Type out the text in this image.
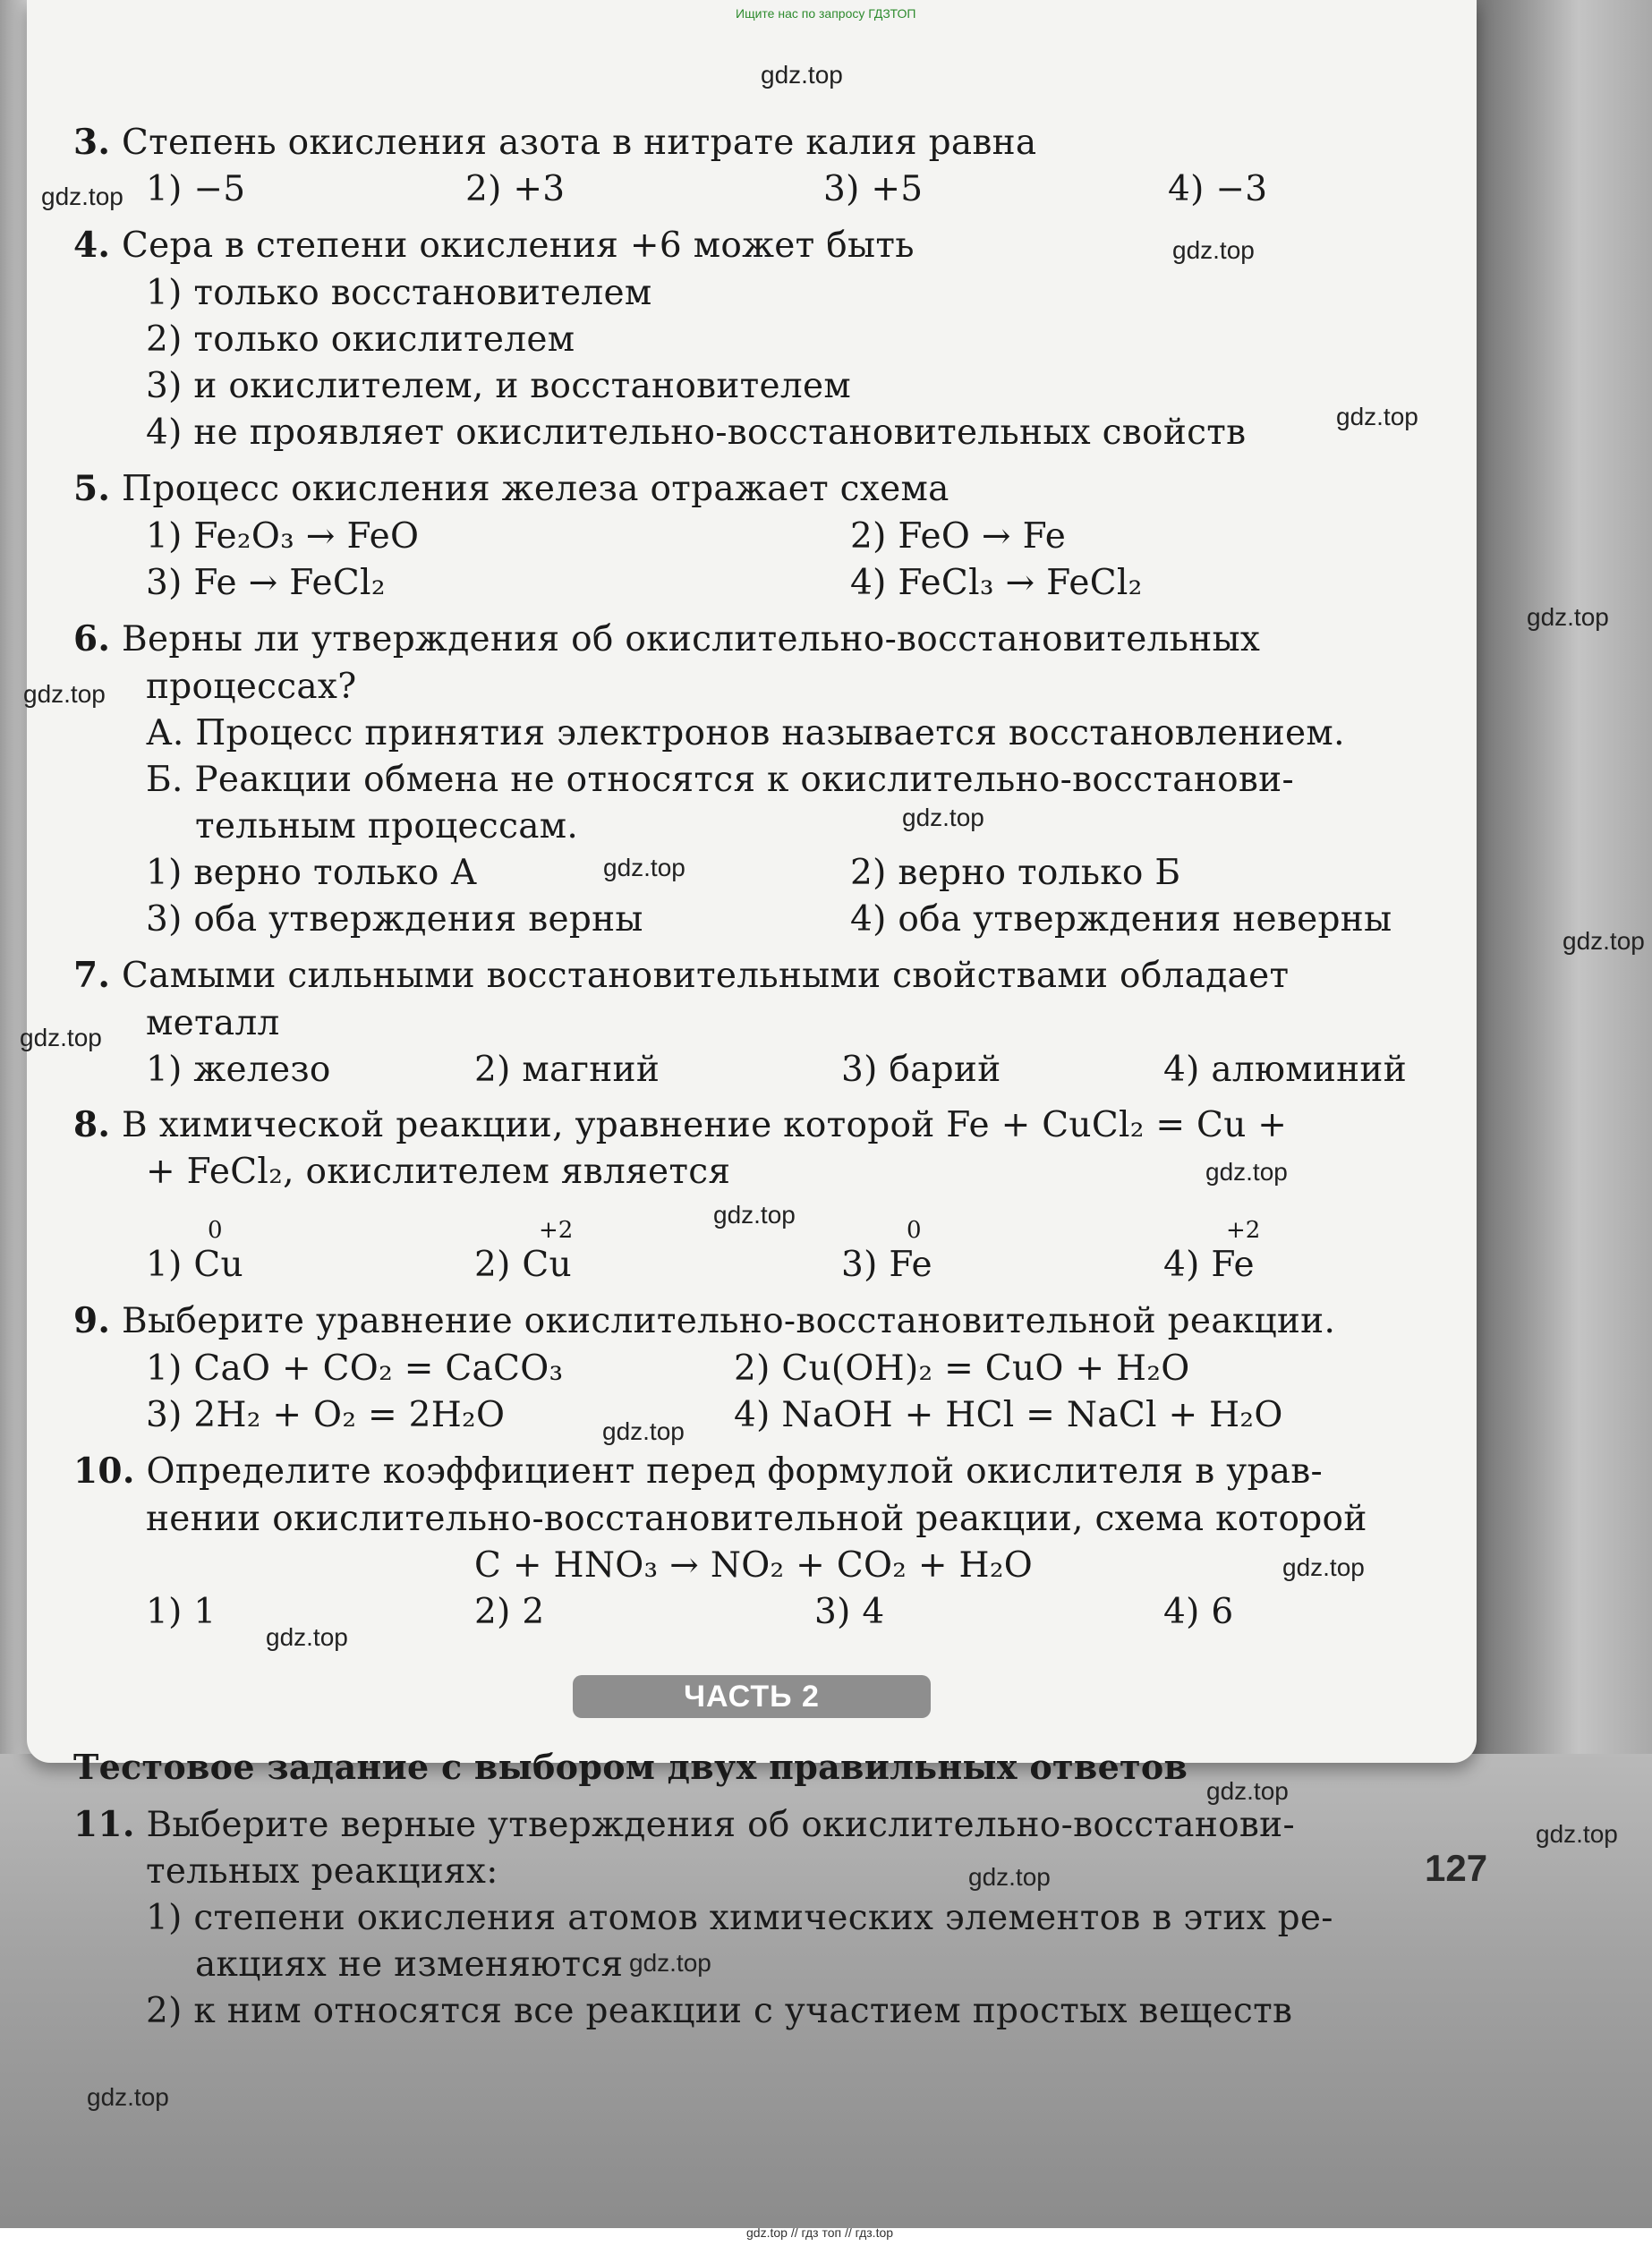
3. Степень окисления азота в нитрате калия равна
1) −5	2) +3	3) +5	4) −3
4. Сера в степени окисления +6 может быть
1) только восстановителем
2) только окислителем
3) и окислителем, и восстановителем
4) не проявляет окислительно-восстановительных свойств
5. Процесс окисления железа отражает схема
1) Fe₂O₃ → FeO	2) FeO → Fe
3) Fe → FeCl₂	4) FeCl₃ → FeCl₂
6. Верны ли утверждения об окислительно-восстановительных
процессах?
А. Процесс принятия электронов называется восстановлением.
Б. Реакции обмена не относятся к окислительно-восстанови-
тельным процессам.
1) верно только А	2) верно только Б
3) оба утверждения верны	4) оба утверждения неверны
7. Самыми сильными восстановительными свойствами обладает
металл
1) железо	2) магний	3) барий	4) алюминий
8. В химической реакции, уравнение которой Fe + CuCl₂ = Cu +
+ FeCl₂, окислителем является
0	+2	0	+2
1) Cu	2) Cu	3) Fe	4) Fe
9. Выберите уравнение окислительно-восстановительной реакции.
1) CaO + CO₂ = CaCO₃	2) Cu(OH)₂ = CuO + H₂O
3) 2H₂ + O₂ = 2H₂O	4) NaOH + HCl = NaCl + H₂O
10. Определите коэффициент перед формулой окислителя в урав-
нении окислительно-восстановительной реакции, схема которой
C + HNO₃ → NO₂ + CO₂ + H₂O
1) 1	2) 2	3) 4	4) 6
ЧАСТЬ 2
Тестовое задание с выбором двух правильных ответов
11. Выберите верные утверждения об окислительно-восстанови-
тельных реакциях:
1) степени окисления атомов химических элементов в этих ре-
акциях не изменяются
2) к ним относятся все реакции с участием простых веществ
127
Ищите нас по запросу ГДЗТОП
gdz.top // гдз топ // гдз.top
gdz.top
gdz.top
gdz.top
gdz.top
gdz.top
gdz.top
gdz.top
gdz.top
gdz.top
gdz.top
gdz.top
gdz.top
gdz.top
gdz.top
gdz.top
gdz.top
gdz.top
gdz.top
gdz.top
gdz.top
